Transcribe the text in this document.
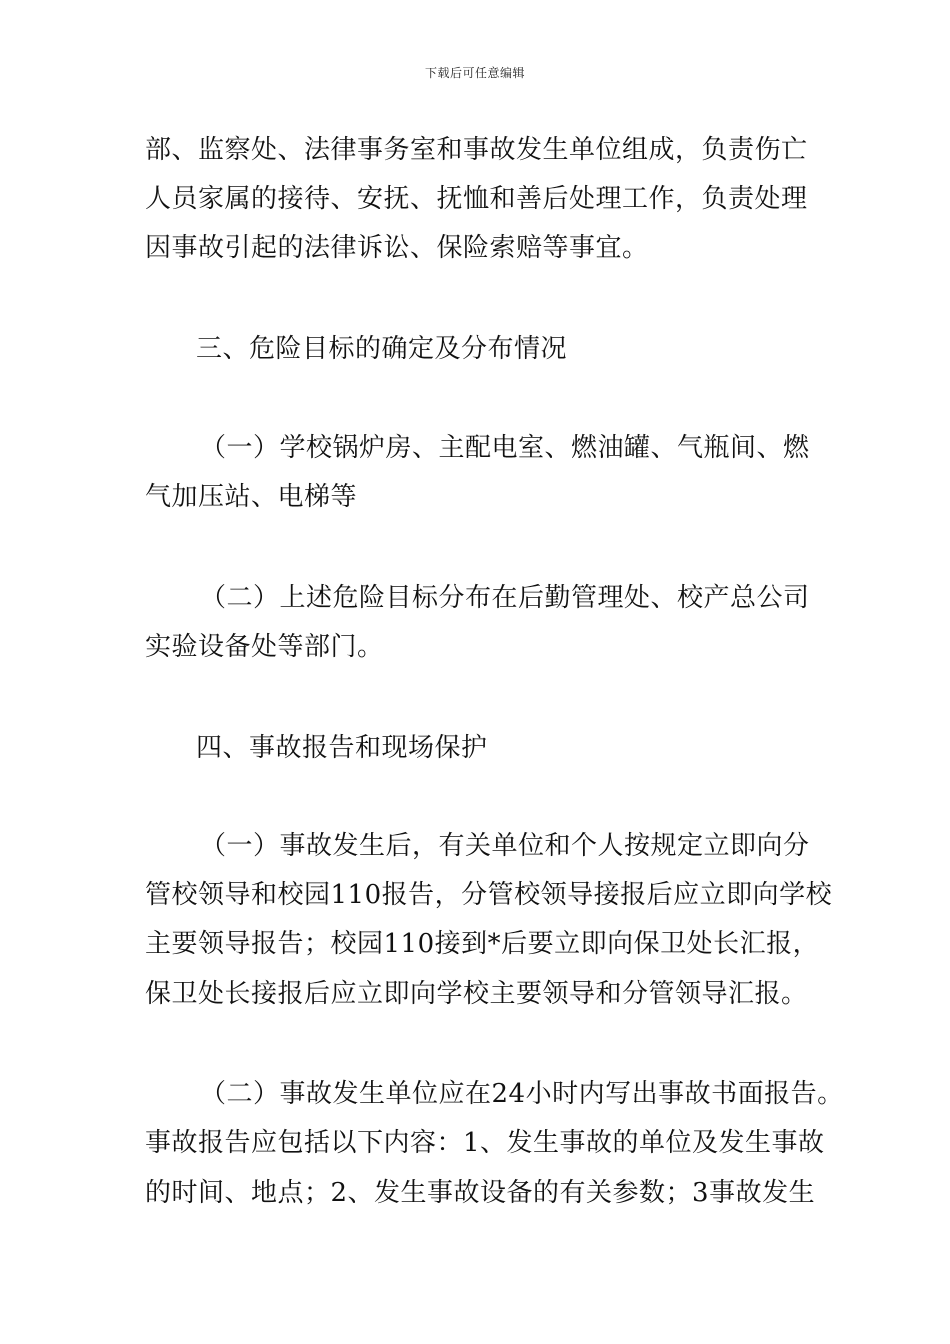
下载后可任意编辑
部、监察处、法律事务室和事故发生单位组成，负责伤亡
人员家属的接待、安抚、抚恤和善后处理工作，负责处理
因事故引起的法律诉讼、保险索赔等事宜。
三、危险目标的确定及分布情况
（一）学校锅炉房、主配电室、燃油罐、气瓶间、燃
气加压站、电梯等
（二）上述危险目标分布在后勤管理处、校产总公司
实验设备处等部门。
四、事故报告和现场保护
（一）事故发生后，有关单位和个人按规定立即向分
管校领导和校园110报告，分管校领导接报后应立即向学校
主要领导报告；校园110接到*后要立即向保卫处长汇报，
保卫处长接报后应立即向学校主要领导和分管领导汇报。
（二）事故发生单位应在24小时内写出事故书面报告。
事故报告应包括以下内容：1、发生事故的单位及发生事故
的时间、地点；2、发生事故设备的有关参数；3事故发生
